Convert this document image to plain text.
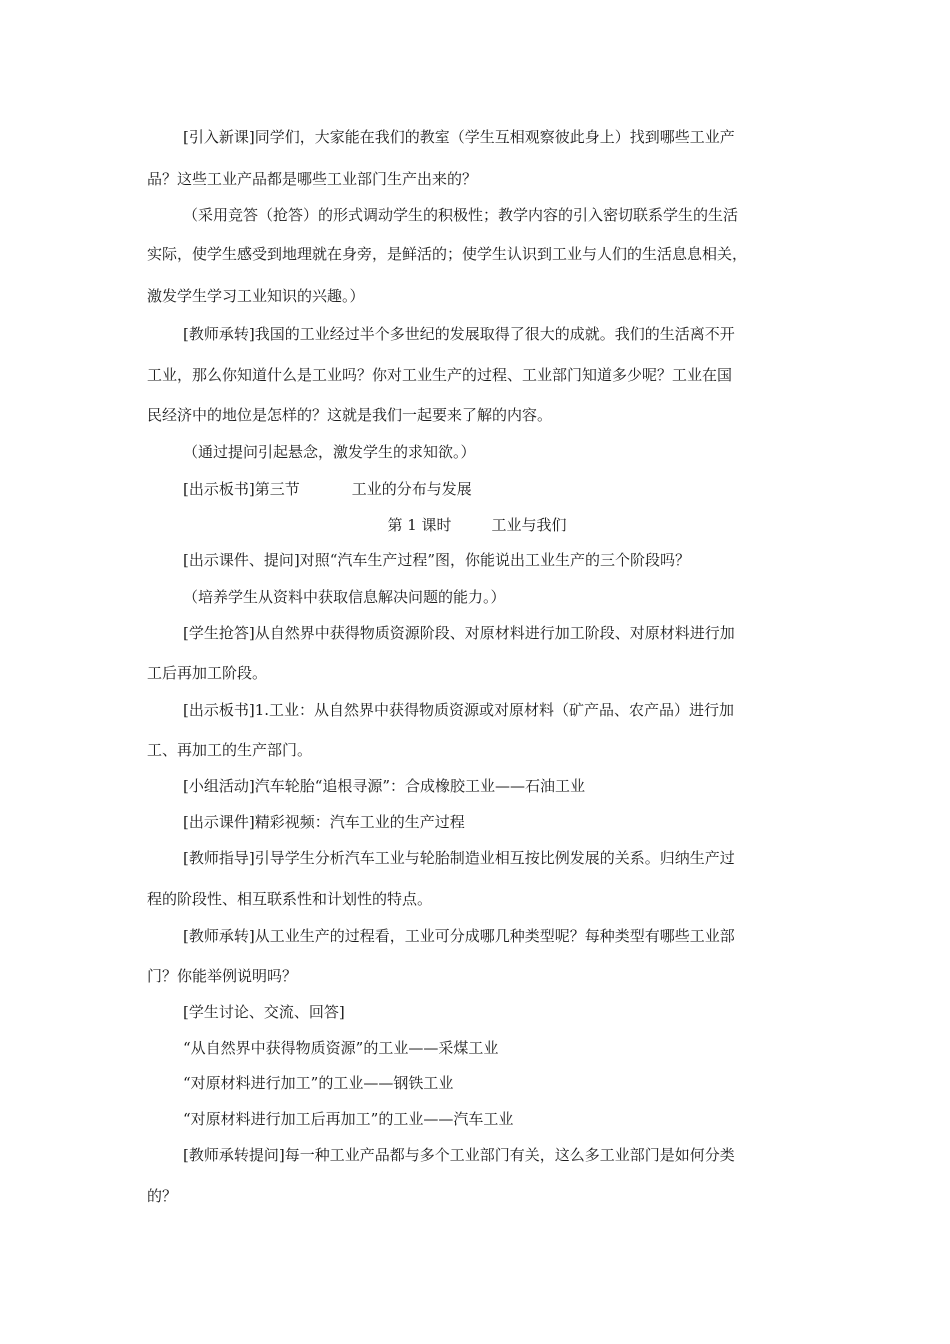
[引入新课]同学们，大家能在我们的教室（学生互相观察彼此身上）找到哪些工业产

品？这些工业产品都是哪些工业部门生产出来的？

（采用竞答（抢答）的形式调动学生的积极性；教学内容的引入密切联系学生的生活

实际，使学生感受到地理就在身旁，是鲜活的；使学生认识到工业与人们的生活息息相关，

激发学生学习工业知识的兴趣。）

[教师承转]我国的工业经过半个多世纪的发展取得了很大的成就。我们的生活离不开

工业，那么你知道什么是工业吗？你对工业生产的过程、工业部门知道多少呢？工业在国

民经济中的地位是怎样的？这就是我们一起要来了解的内容。

（通过提问引起悬念，激发学生的求知欲。）

[出示板书]第三节	工业的分布与发展

第 1 课时	工业与我们

[出示课件、提问]对照“汽车生产过程”图，你能说出工业生产的三个阶段吗？

（培养学生从资料中获取信息解决问题的能力。）

[学生抢答]从自然界中获得物质资源阶段、对原材料进行加工阶段、对原材料进行加

工后再加工阶段。

[出示板书]1.工业：从自然界中获得物质资源或对原材料（矿产品、农产品）进行加

工、再加工的生产部门。

[小组活动]汽车轮胎“追根寻源”：合成橡胶工业——石油工业

[出示课件]精彩视频：汽车工业的生产过程

[教师指导]引导学生分析汽车工业与轮胎制造业相互按比例发展的关系。归纳生产过

程的阶段性、相互联系性和计划性的特点。

[教师承转]从工业生产的过程看，工业可分成哪几种类型呢？每种类型有哪些工业部

门？你能举例说明吗？

[学生讨论、交流、回答]

“从自然界中获得物质资源”的工业——采煤工业

“对原材料进行加工”的工业——钢铁工业

“对原材料进行加工后再加工”的工业——汽车工业

[教师承转提问]每一种工业产品都与多个工业部门有关，这么多工业部门是如何分类

的？
